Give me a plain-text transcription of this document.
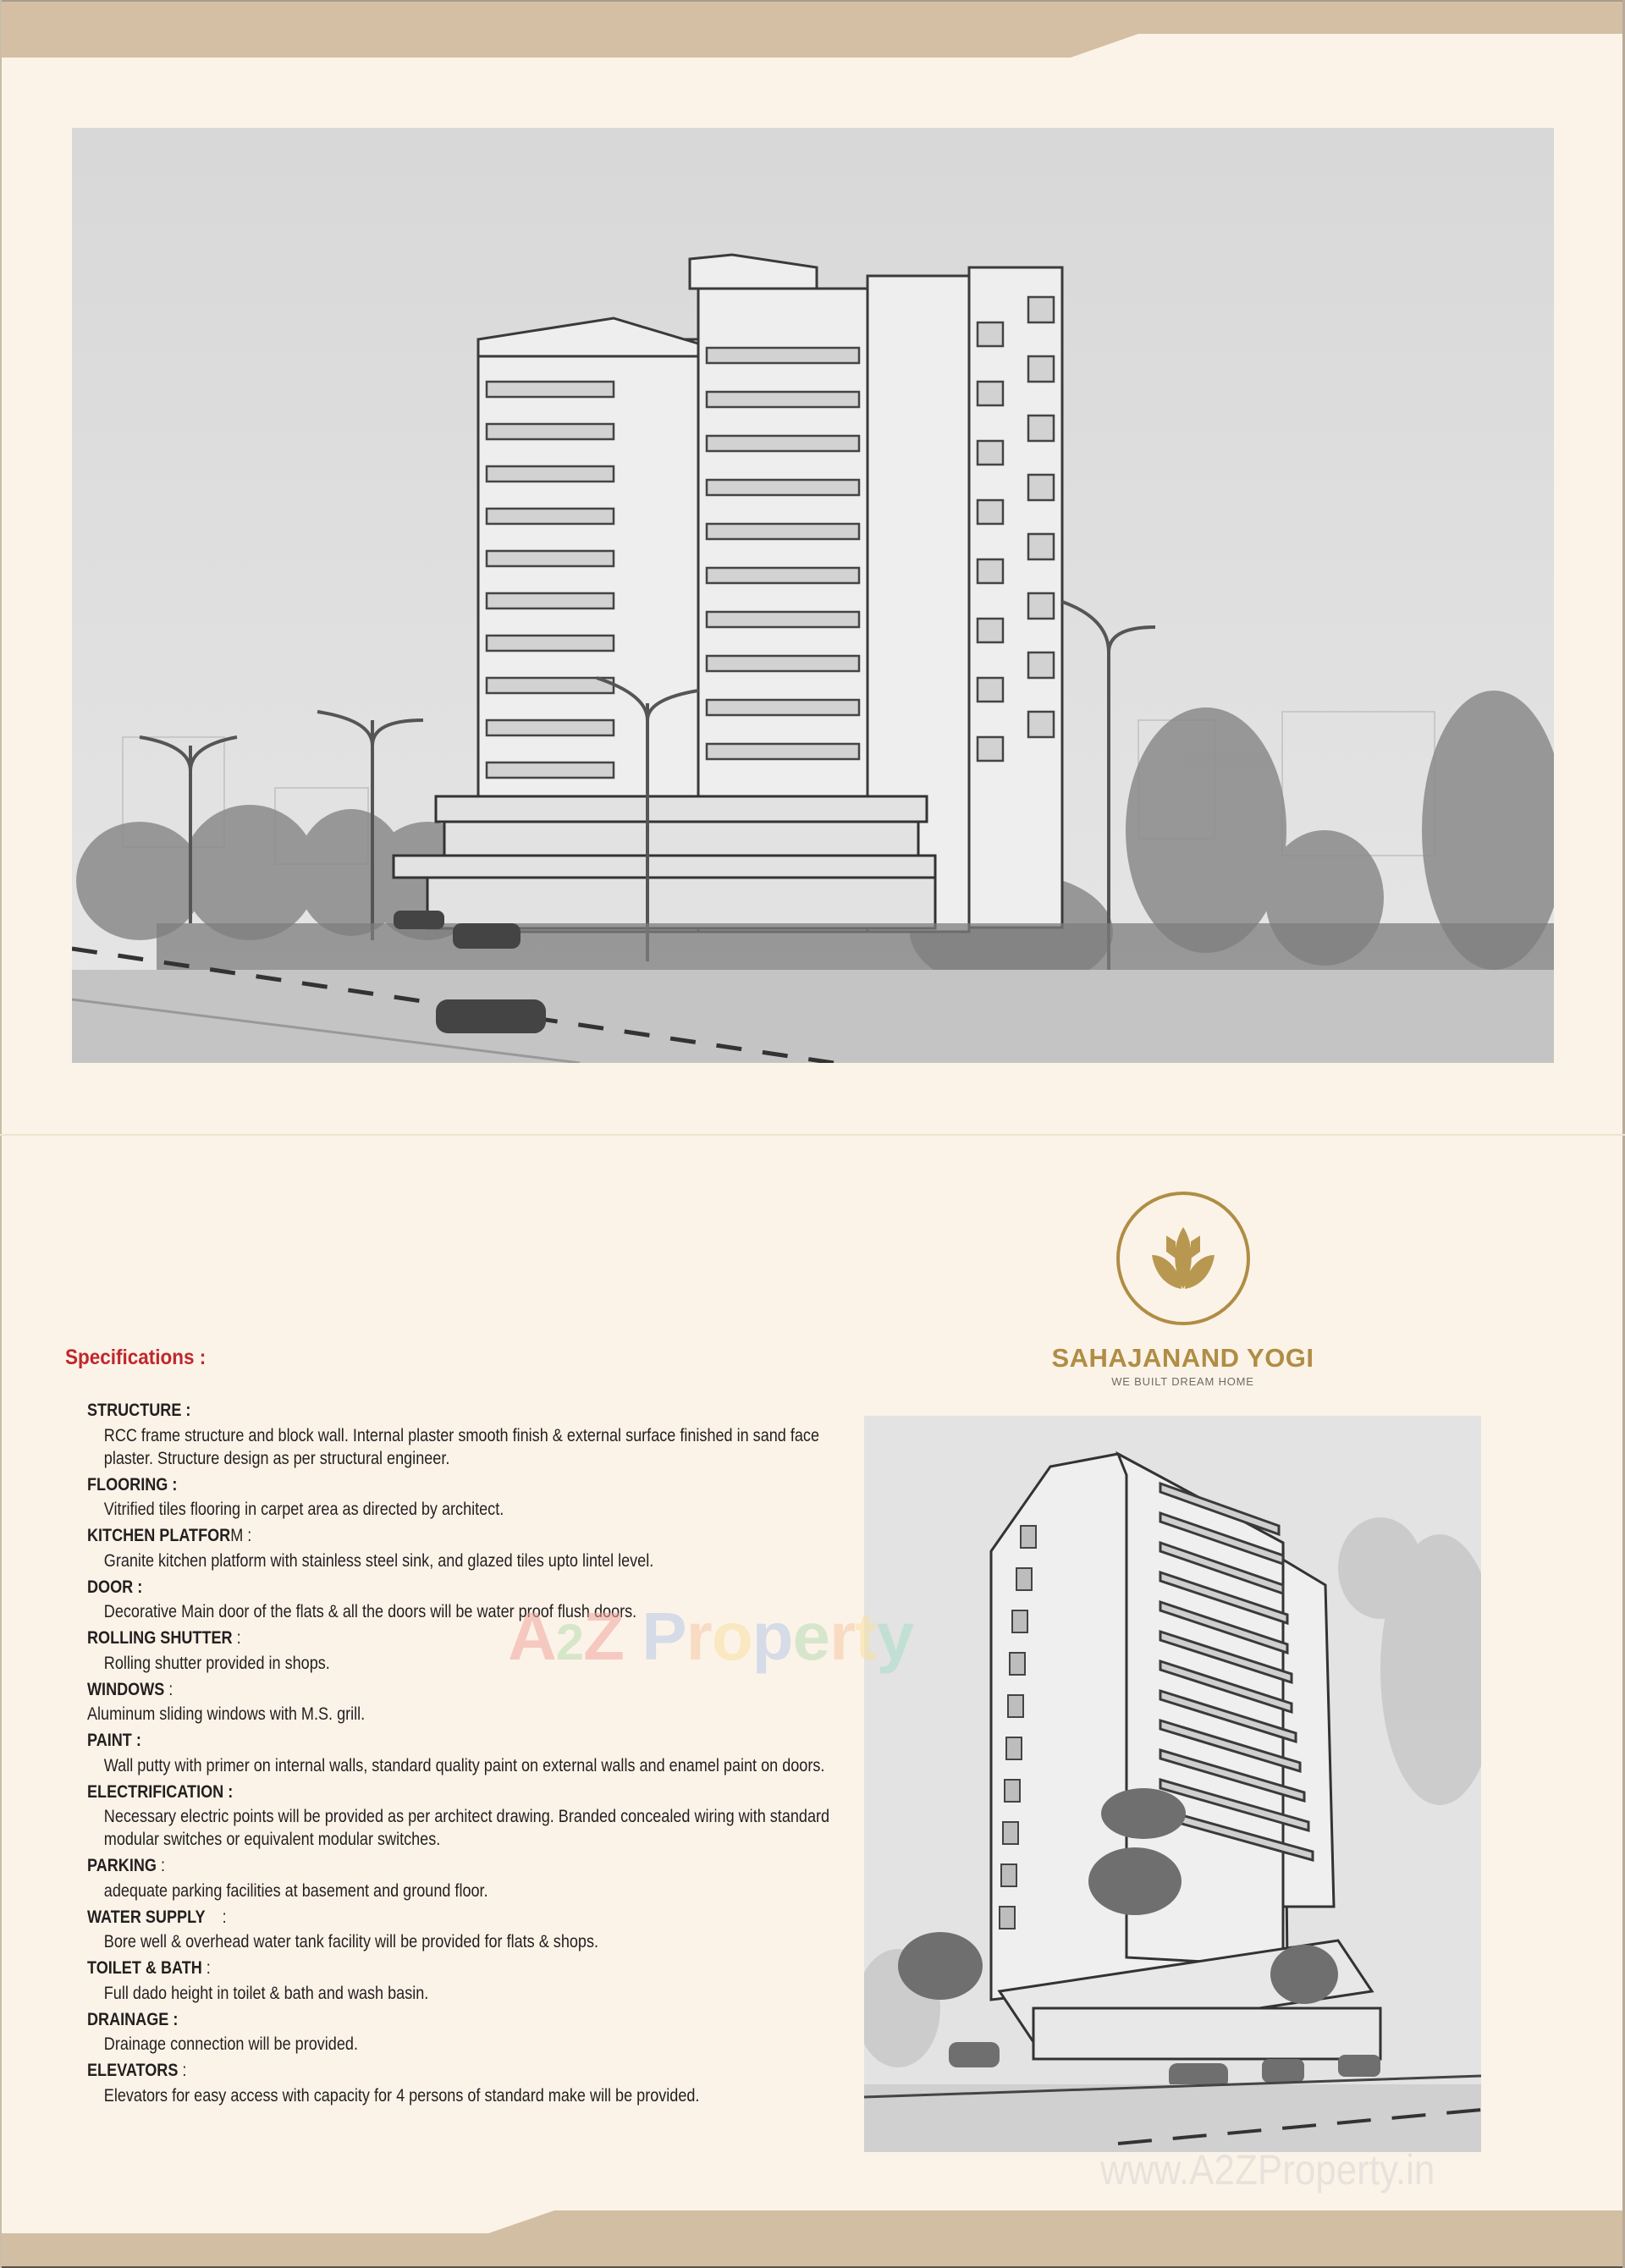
SAHAJANAND YOGI
WE BUILT DREAM HOME
Specifications :
STRUCTURE :
RCC frame structure and block wall. Internal plaster smooth finish & external surface finished in sand face plaster. Structure design as per structural engineer.
FLOORING :
Vitrified tiles flooring in carpet area as directed by architect.
KITCHEN PLATFORM :
Granite kitchen platform with stainless steel sink, and glazed tiles upto lintel level.
DOOR :
Decorative Main door of the flats & all the doors will be water proof flush doors.
ROLLING SHUTTER :
Rolling shutter provided in shops.
WINDOWS :
Aluminum sliding windows with M.S. grill.
PAINT :
Wall putty with primer on internal walls, standard quality paint on external walls and enamel paint on doors.
ELECTRIFICATION :
Necessary electric points will be provided as per architect drawing. Branded concealed wiring with standard modular switches or equivalent modular switches.
PARKING :
adequate parking facilities at basement and ground floor.
WATER SUPPLY    :
Bore well & overhead water tank facility will be provided for flats & shops.
TOILET & BATH :
Full dado height in toilet & bath and wash basin.
DRAINAGE :
Drainage connection will be provided.
ELEVATORS :
Elevators for easy access with capacity for 4 persons of standard make will be provided.
A2Z Property
www.A2ZProperty.in
